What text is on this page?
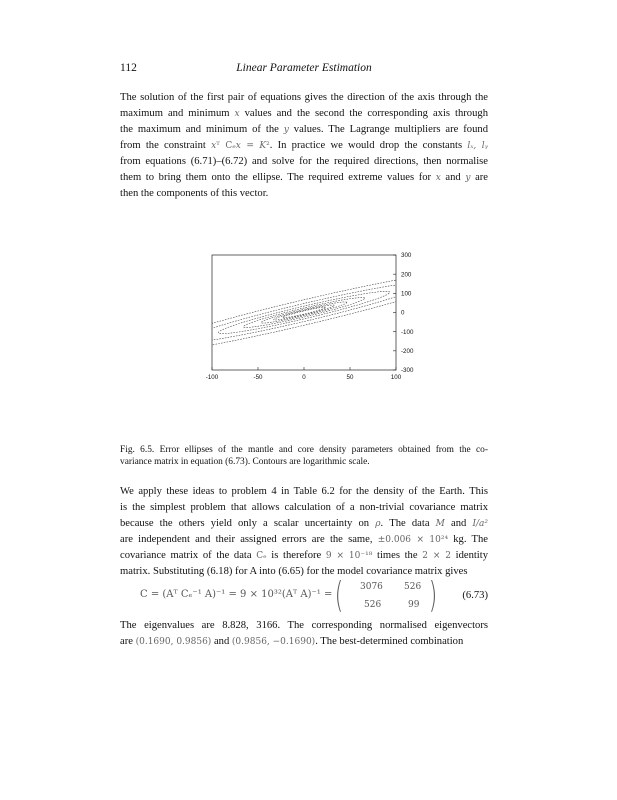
112	Linear Parameter Estimation
The solution of the first pair of equations gives the direction of the axis through the
maximum and minimum x values and the second the corresponding axis through
the maximum and minimum of the y values. The Lagrange multipliers are found
from the constraint xᵀ Cₑx = K². In practice we would drop the constants lₓ, lᵧ
from equations (6.71)–(6.72) and solve for the required directions, then normalise
them to bring them onto the ellipse. The required extreme values for x and y are
then the components of this vector.
-100	-50	0	50	100
300
200
100
0
-100
-200
-300

Fig. 6.5. Error ellipses of the mantle and core density parameters obtained from the co-
variance matrix in equation (6.73). Contours are logarithmic scale.

We apply these ideas to problem 4 in Table 6.2 for the density of the Earth. This
is the simplest problem that allows calculation of a non-trivial covariance matrix
because the others yield only a scalar uncertainty on ρ. The data M and I/a²
are independent and their assigned errors are the same, ±0.006 × 10²⁴ kg. The
covariance matrix of the data Cₑ is therefore 9 × 10⁻¹⁸ times the 2 × 2 identity
matrix. Substituting (6.18) for A into (6.65) for the model covariance matrix gives
C = (Aᵀ Cₑ⁻¹ A)⁻¹ = 9 × 10³²(Aᵀ A)⁻¹ = ( 3076 526
526	99 ) (6.73)
The eigenvalues are 8.828, 3166. The corresponding normalised eigenvectors
are (0.1690, 0.9856) and (0.9856, −0.1690). The best-determined combination
